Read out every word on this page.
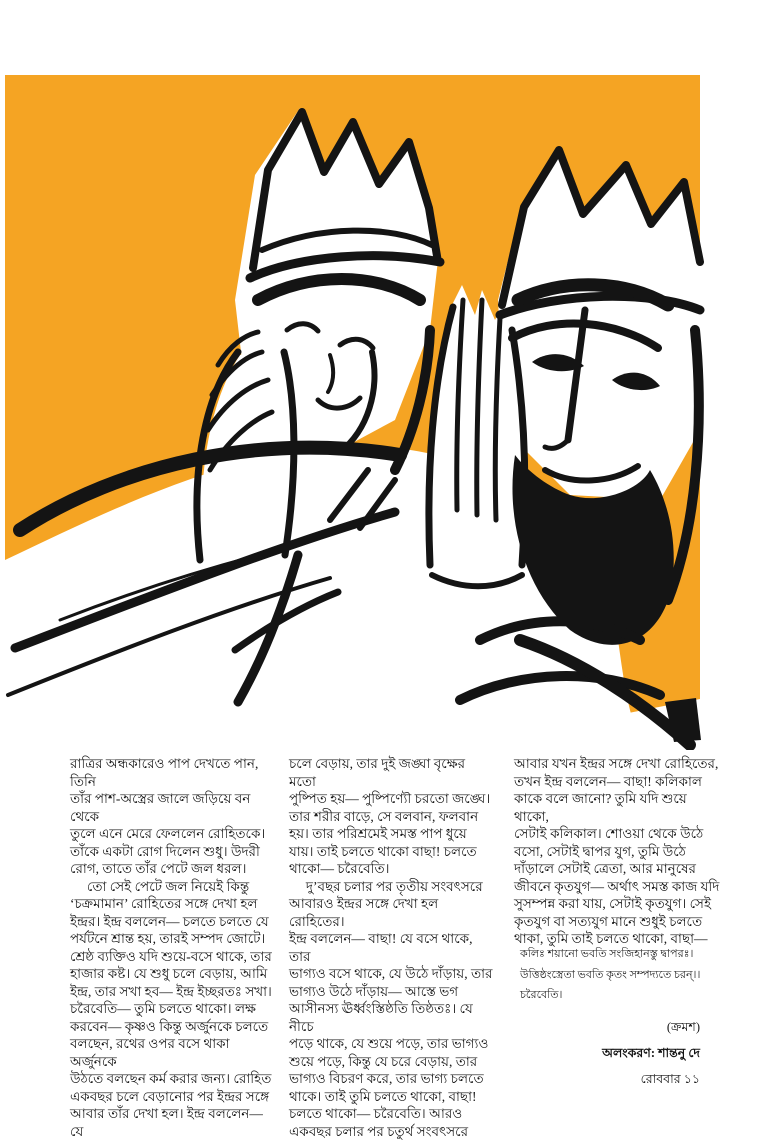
রাত্রির অন্ধকারেও পাপ দেখতে পান, তিনি
তাঁর পাশ-অস্ত্রের জালে জড়িয়ে বন থেকে
তুলে এনে মেরে ফেললেন রোহিতকে।
তাঁকে একটা রোগ দিলেন শুধু। উদরী
রোগ, তাতে তাঁর পেটে জল ধরল।
তো সেই পেটে জল নিয়েই কিন্তু
‘চক্রমামান’ রোহিতের সঙ্গে দেখা হল
ইন্দ্রর। ইন্দ্র বললেন— চলতে চলতে যে
পর্যটনে শ্রান্ত হয়, তারই সম্পদ জোটে।
শ্রেষ্ঠ ব্যক্তিও যদি শুয়ে-বসে থাকে, তার
হাজার কষ্ট। যে শুধু চলে বেড়ায়, আমি
ইন্দ্র, তার সখা হব— ইন্দ্র ইচ্ছরতঃ সখা।
চরৈবেতি— তুমি চলতে থাকো। লক্ষ
করবেন— কৃষ্ণও কিন্তু অর্জুনকে চলতে
বলছেন, রথের ওপর বসে থাকা অর্জুনকে
উঠতে বলছেন কর্ম করার জন্য। রোহিত
একবছর চলে বেড়ানোর পর ইন্দ্রর সঙ্গে
আবার তাঁর দেখা হল। ইন্দ্র বললেন— যে
চলে বেড়ায়, তার দুই জঙ্ঘা বৃক্ষের মতো
পুষ্পিত হয়— পুষ্পিণ্যৌ চরতো জঙ্ঘে।
তার শরীর বাড়ে, সে বলবান, ফলবান
হয়। তার পরিশ্রমেই সমস্ত পাপ ধুয়ে
যায়। তাই চলতে থাকো বাছা! চলতে
থাকো— চরৈবেতি।
দু’বছর চলার পর তৃতীয় সংবৎসরে
আবারও ইন্দ্রর সঙ্গে দেখা হল রোহিতের।
ইন্দ্র বললেন— বাছা! যে বসে থাকে, তার
ভাগ্যও বসে থাকে, যে উঠে দাঁড়ায়, তার
ভাগ্যও উঠে দাঁড়ায়— আস্তে ভগ
আসীনস্য ঊর্ধ্বংস্তিষ্ঠতি তিষ্ঠতঃ। যে নীচে
পড়ে থাকে, যে শুয়ে পড়ে, তার ভাগ্যও
শুয়ে পড়ে, কিন্তু যে চরে বেড়ায়, তার
ভাগ্যও বিচরণ করে, তার ভাগ্য চলতে
থাকে। তাই তুমি চলতে থাকো, বাছা!
চলতে থাকো— চরৈবেতি। আরও
একবছর চলার পর চতুর্থ সংবৎসরে
আবার যখন ইন্দ্রর সঙ্গে দেখা রোহিতের,
তখন ইন্দ্র বললেন— বাছা! কলিকাল
কাকে বলে জানো? তুমি যদি শুয়ে থাকো,
সেটাই কলিকাল। শোওয়া থেকে উঠে
বসো, সেটাই দ্বাপর যুগ, তুমি উঠে
দাঁড়ালে সেটাই ত্রেতা, আর মানুষের
জীবনে কৃতযুগ— অর্থাৎ সমস্ত কাজ যদি
সুসম্পন্ন করা যায়, সেটাই কৃতযুগ। সেই
কৃতযুগ বা সত্যযুগ মানে শুধুই চলতে
থাকা, তুমি তাই চলতে থাকো, বাছা—
কলিঃ শয়ানো ভবতি সংজিহানস্তু দ্বাপরঃ।
উত্তিষ্ঠংস্ত্রেতা ভবতি কৃতং সম্পদ্যতে চরন্।।
চরৈবেতি।
(ক্রমশ)
অলংকরণ: শান্তনু দে
রোববার ১১
